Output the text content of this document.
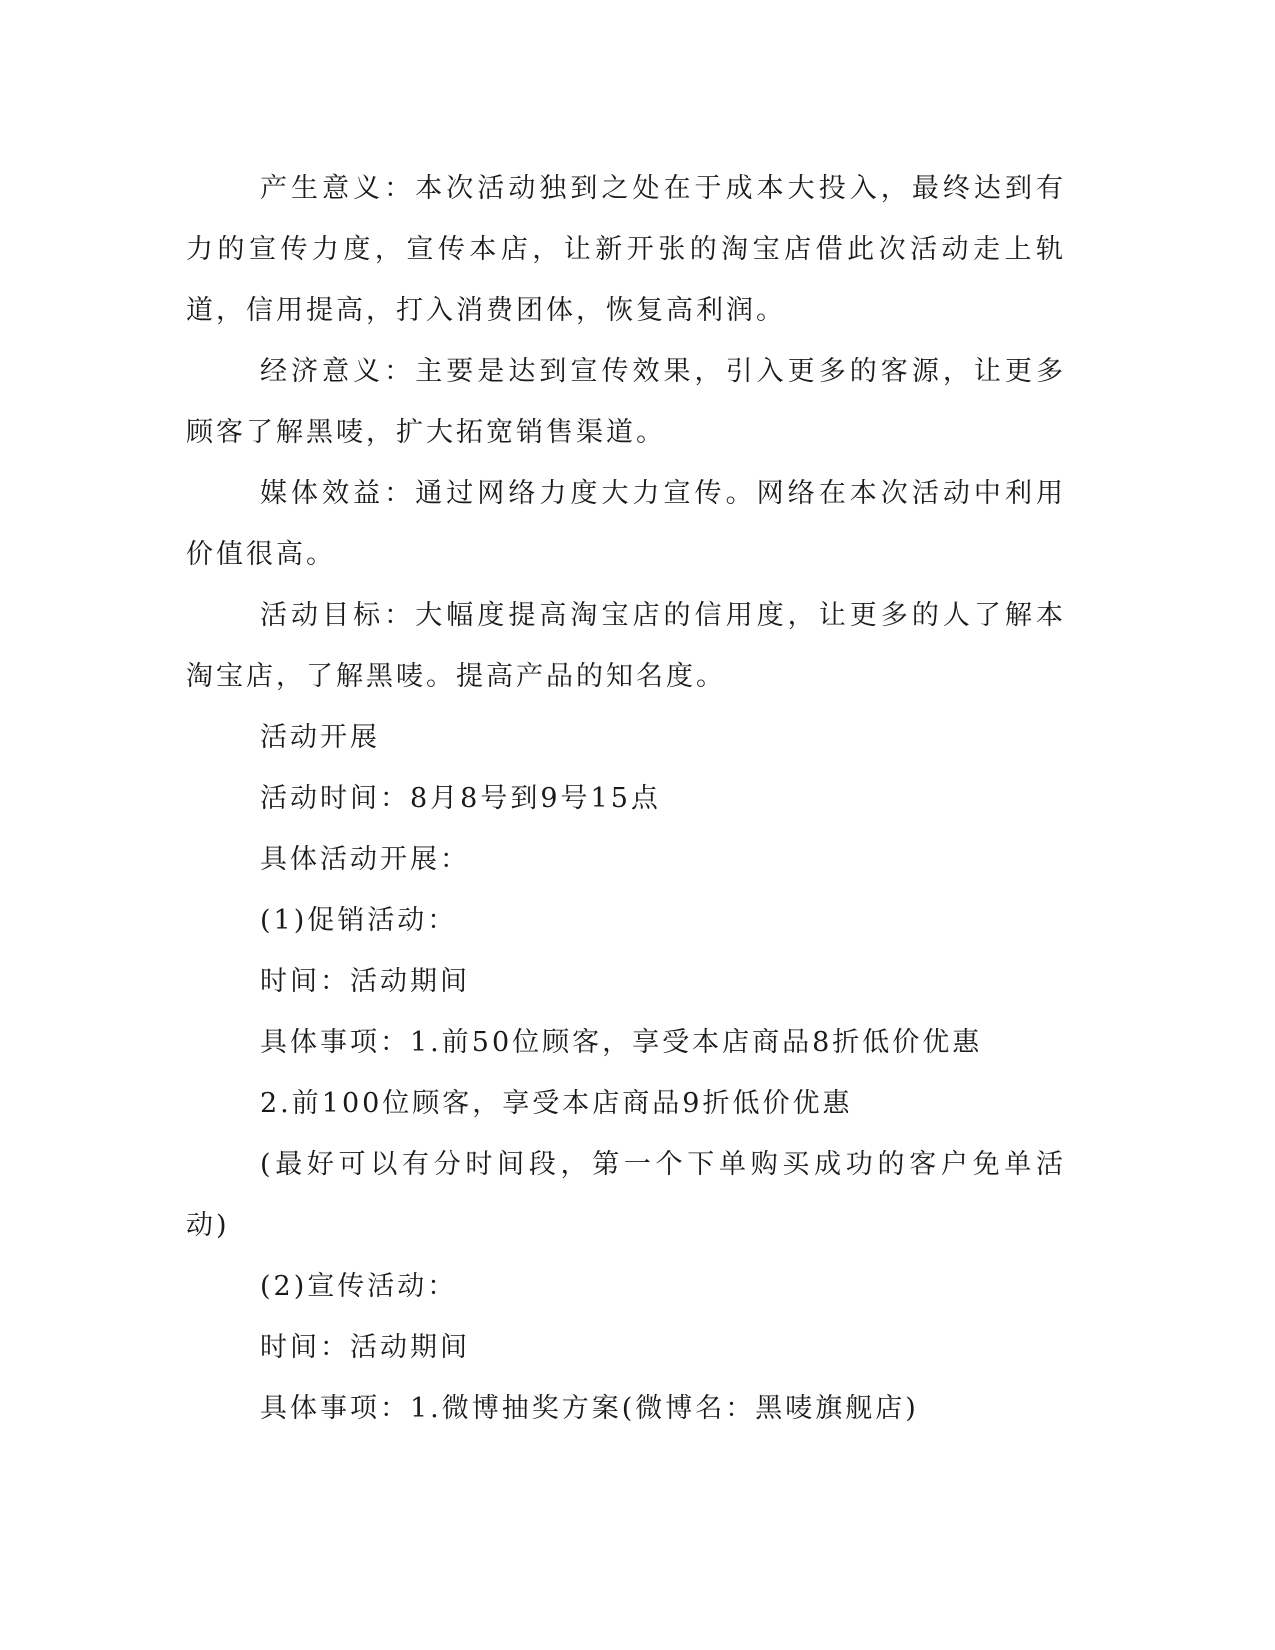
产生意义：本次活动独到之处在于成本大投入，最终达到有力的宣传力度，宣传本店，让新开张的淘宝店借此次活动走上轨道，信用提高，打入消费团体，恢复高利润。

经济意义：主要是达到宣传效果，引入更多的客源，让更多顾客了解黑唛，扩大拓宽销售渠道。

媒体效益：通过网络力度大力宣传。网络在本次活动中利用价值很高。

活动目标：大幅度提高淘宝店的信用度，让更多的人了解本淘宝店，了解黑唛。提高产品的知名度。

活动开展

活动时间：8月8号到9号15点

具体活动开展：

(1)促销活动：

时间：活动期间

具体事项：1.前50位顾客，享受本店商品8折低价优惠

2.前100位顾客，享受本店商品9折低价优惠

(最好可以有分时间段，第一个下单购买成功的客户免单活动)

(2)宣传活动：

时间：活动期间

具体事项：1.微博抽奖方案(微博名：黑唛旗舰店)
